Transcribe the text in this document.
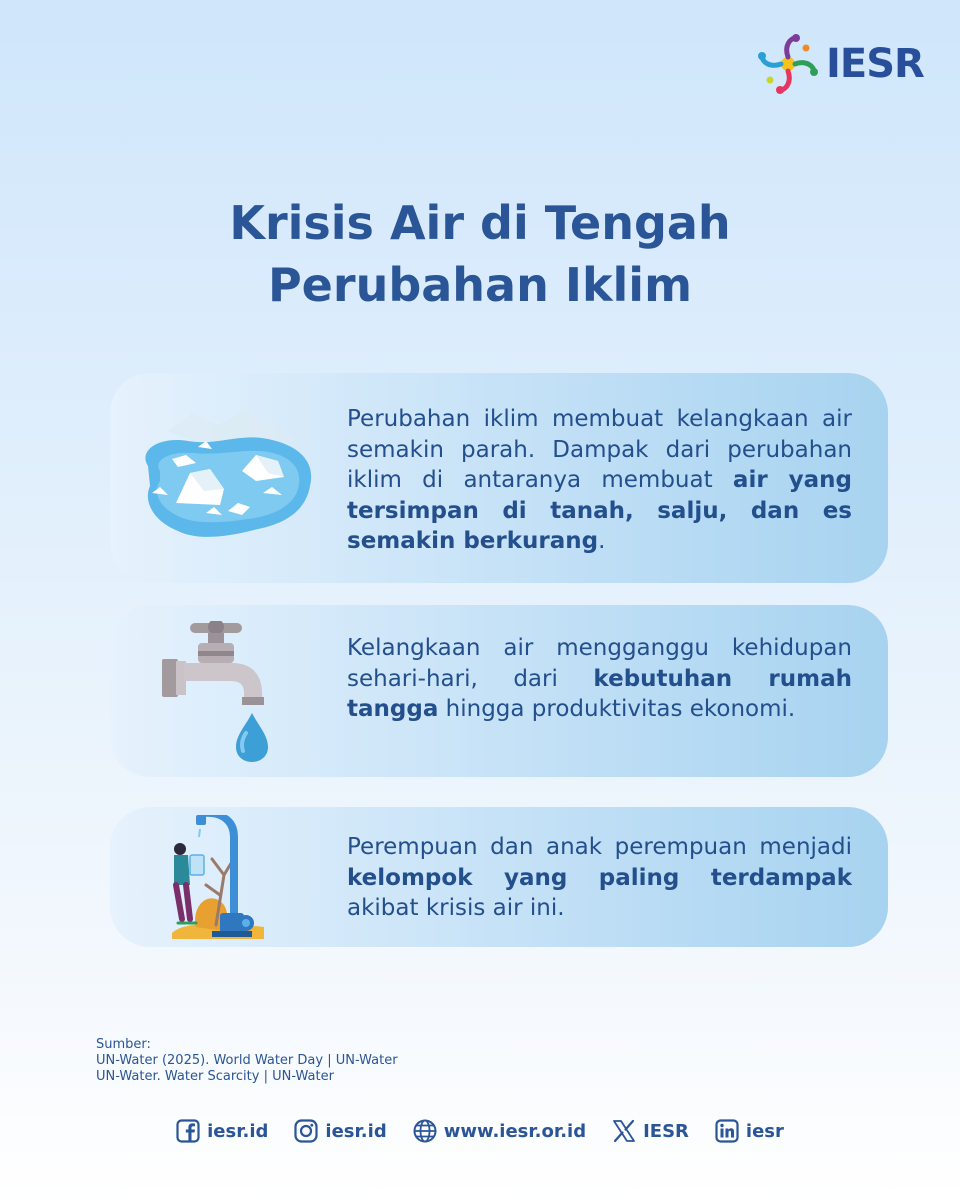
IESR
Krisis Air di Tengah
Perubahan Iklim
Perubahan iklim membuat kelangkaan air semakin parah. Dampak dari perubahan iklim di antaranya membuat air yang tersimpan di tanah, salju, dan es semakin berkurang.
Kelangkaan air mengganggu kehidupan sehari-hari, dari kebutuhan rumah tangga hingga produktivitas ekonomi.
Perempuan dan anak perempuan menjadi kelompok yang paling terdampak akibat krisis air ini.
Sumber:
UN-Water (2025). World Water Day | UN-Water
UN-Water. Water Scarcity | UN-Water
iesr.id	iesr.id	www.iesr.or.id	IESR	iesr
